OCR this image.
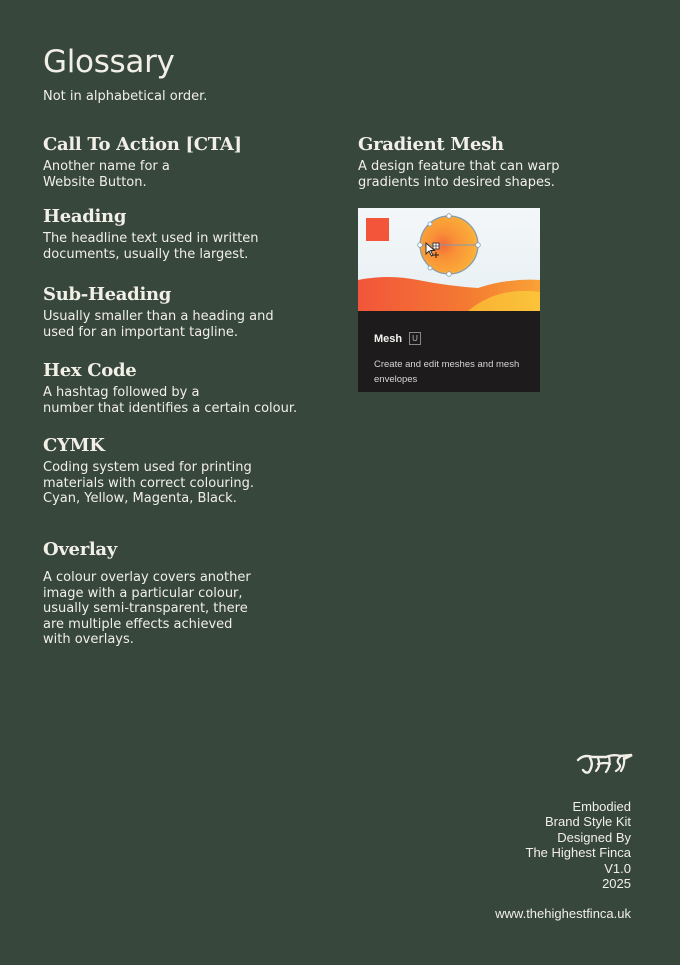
Glossary
Not in alphabetical order.
Call To Action [CTA]

Another name for a
Website Button.

Heading

The headline text used in written
documents, usually the largest.

Sub-Heading

Usually smaller than a heading and
used for an important tagline.

Hex Code

A hashtag followed by a
number that identifies a certain colour.

CYMK

Coding system used for printing
materials with correct colouring.
Cyan, Yellow, Magenta, Black.

Overlay

A colour overlay covers another
image with a particular colour,
usually semi-transparent, there
are multiple effects achieved
with overlays.

Gradient Mesh

A design feature that can warp
gradients into desired shapes.

Mesh	U
Create and edit meshes and mesh envelopes
Embodied
Brand Style Kit
Designed By
The Highest Finca
V1.0
2025
www.thehighestfinca.uk
